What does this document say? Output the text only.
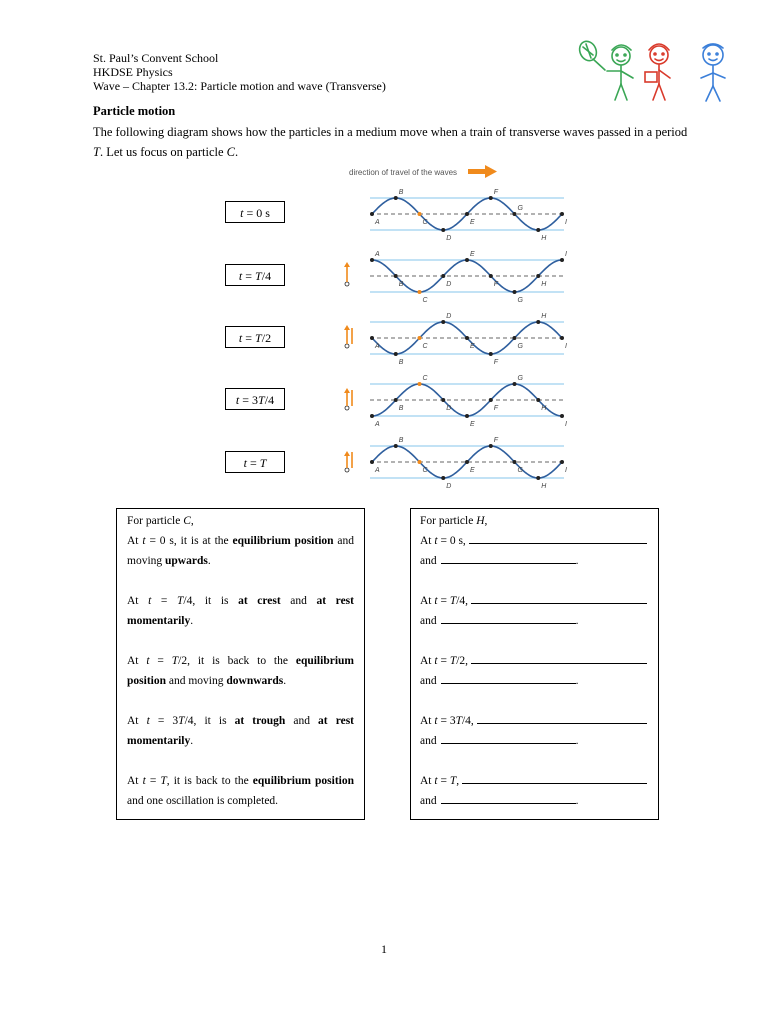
St. Paul’s Convent School
HKDSE Physics
Wave – Chapter 13.2: Particle motion and wave (Transverse)
Particle motion
The following diagram shows how the particles in a medium move when a train of transverse waves passed in a period
T. Let us focus on particle C.
t = 0 s
t = T/4
t = T/2
t = 3T/4
t = T
direction of travel of the waves
A
B
C
D
E
F
G
H
I
A
B
C
D
E
F
G
H
I
A
B
C
D
E
F
G
H
I
A
B
C
D
E
F
G
H
I
A
B
C
D
E
F
G
H
I

For particle C,

At t = 0 s, it is at the equilibrium position and

moving upwards.

At t = T/4, it is at crest and at rest

momentarily.

At t = T/2, it is back to the equilibrium

position and moving downwards.

At t = 3T/4, it is at trough and at rest

momentarily.

At t = T, it is back to the equilibrium position

and one oscillation is completed.

For particle H,

At t = 0 s,

and	.

At t = T/4,

and	.

At t = T/2,

and	.

At t = 3T/4,

and	.

At t = T,

and	.

1
